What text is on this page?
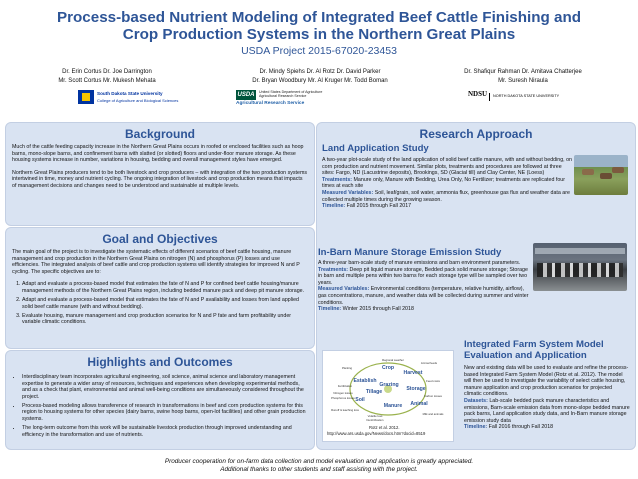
Process-based Nutrient Modeling of Integrated Beef Cattle Finishing and
Crop Production Systems in the Northern Great Plains
USDA Project 2015-67020-23453
Dr. Erin Cortus Dr. Joe Darrington
Mr. Scott Cortus Mr. Mukesh Mehata
Dr. Mindy Spiehs Dr. Al Rotz Dr. David Parker
Dr. Bryan Woodbury Mr. Al Kruger Mr. Todd Boman
Dr. Shafiqur Rahman Dr. Amitava Chatterjee
Mr. Suresh Niraula
South Dakota State University
College of Agriculture and Biological Sciences
USDA	United States Department of Agriculture
Agricultural Research Service
Agricultural Research Service
NDSU NORTH DAKOTA STATE UNIVERSITY
Background

Much of the cattle feeding capacity increase in the Northern Great Plains occurs in roofed or enclosed facilities such as hoop barns, mono-slope barns, and confinement barns with slatted (or slotted) floors and under-floor manure storage. As these housing systems increase in number, variations in housing, bedding and overall management styles have emerged.

Northern Great Plains producers tend to be both livestock and crop producers – with integration of the two production systems intertwined in time, money and nutrient cycling. The ongoing integration of livestock and crop production means that impacts of management decisions and changes need to be understood and sustainable at multiple levels.

Goal and Objectives

The main goal of the project is to investigate the systematic effects of different scenarios of beef cattle housing, manure management and crop production in the Northern Great Plains on nitrogen (N) and phosphorus (P) losses and use efficiencies. The integrated analysis of beef cattle and crop production systems will identify strategies for improved N and P cycling. The specific objectives are to:

1. Adapt and evaluate a process-based model that estimates the fate of N and P for confined beef cattle housing/manure management methods of the Northern Great Plains region, including bedded manure pack and deep pit manure storage.
2. Adapt and evaluate a process-based model that estimates the fate of N and P availability and losses from land applied solid beef cattle manure (with and without bedding).
3. Evaluate housing, manure management and crop production scenarios for N and P fate and farm profitability under variable climatic conditions.
Highlights and Outcomes
• Interdisciplinary team incorporates agricultural engineering, soil science, animal science and laboratory management expertise to generate a wider array of resources, techniques and experiences when developing experimental methods, and as a check that plant, environmental and animal well-being conditions are simultaneously considered throughout the project.
• Process-based modeling allows transference of research in transformations in beef and corn production systems for this region to housing systems for other species (dairy barns, swine hoop barns, open-lot facilities) and other grain production systems.
• The long-term outcome from this work will be sustainable livestock production through improved understanding and efficiency in the transformation and use of nutrients.
Research Approach
Land Application Study
A two-year plot-scale study of the land application of solid beef cattle manure, with and without bedding, on corn production and nutrient movement. Similar plots, treatments and procedures are followed at three sites: Fargo, ND (Lacustrine deposits), Brookings, SD (Glacial till) and Clay Center, NE (Loess)
Treatments: Manure only, Manure with Bedding, Urea Only, No Fertilizer; treatments are replicated four times at each site
Measured Variables: Soil, leaf/grain, soil water, ammonia flux, greenhouse gas flux and weather data are collected multiple times during the growing season.
Timeline: Fall 2015 through Fall 2017
In-Barn Manure Storage Emission Study
A three-year barn-scale study of manure emissions and barn environment parameters.
Treatments: Deep pit liquid manure storage, Bedded pack solid manure storage; Storage in barn and multiple pens within two barns for each storage type will be sampled over two years.
Measured Variables: Environmental conditions (temperature, relative humidity, airflow), gas concentrations, manure, and weather data will be collected during summer and winter conditions.
Timeline: Winter 2015 through Fall 2018
Crop
Harvest
Grazing
Manure Animal
Soil
Establish
Tillage	Storage
Regional weather
Planting
Fertilization
Animal feeds
Feed costs
Milk and animals
Nitrogen losses
Phosphorus losses
Runoff & leaching loss
Volatile loss
Denitrification
Carbon losses
Rotz et al. 2012.
http://www.ars.usda.gov/News/docs.htm?docid=8519
Integrated Farm System Model Evaluation and Application
New and existing data will be used to evaluate and refine the process-based Integrated Farm System Model (Rotz et al. 2012). The model will then be used to investigate the variability of select cattle housing, manure application and crop production scenarios for projected climatic conditions.
Datasets: Lab-scale bedded pack manure characteristics and emissions, Barn-scale emission data from mono-slope bedded manure pack barns, Land application study data, and In-Barn manure storage emission study data
Timeline: Fall 2016 through Fall 2018
Producer cooperation for on-farm data collection and model evaluation and application is greatly appreciated.
Additional thanks to other students and staff assisting with the project.
